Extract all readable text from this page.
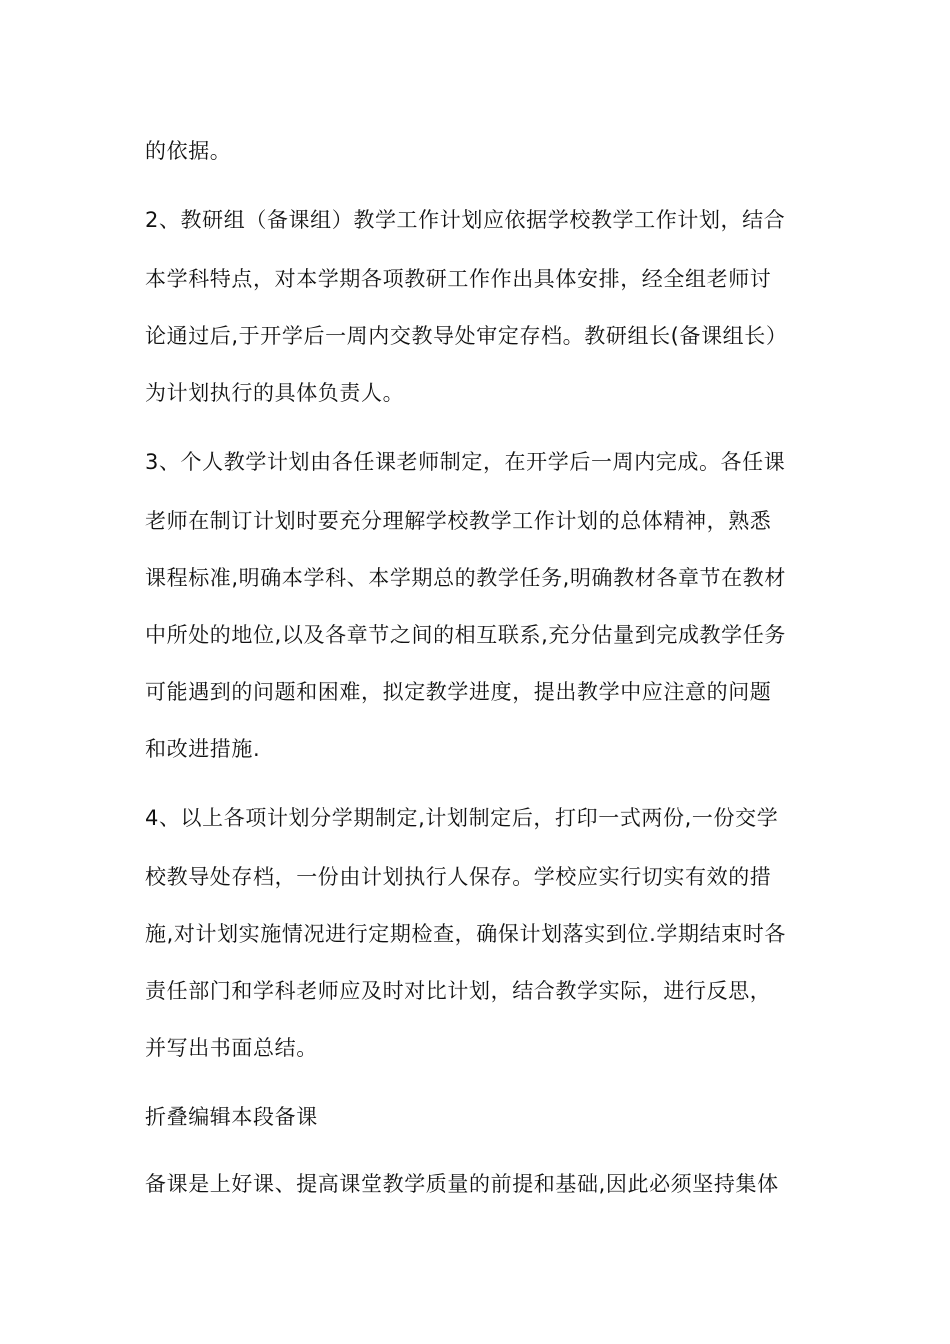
的依据。
2、教研组（备课组）教学工作计划应依据学校教学工作计划，结合
本学科特点，对本学期各项教研工作作出具体安排，经全组老师讨
论通过后,于开学后一周内交教导处审定存档。教研组长(备课组长）
为计划执行的具体负责人。
3、个人教学计划由各任课老师制定，在开学后一周内完成。各任课
老师在制订计划时要充分理解学校教学工作计划的总体精神，熟悉
课程标准,明确本学科、本学期总的教学任务,明确教材各章节在教材
中所处的地位,以及各章节之间的相互联系,充分估量到完成教学任务
可能遇到的问题和困难，拟定教学进度，提出教学中应注意的问题
和改进措施.
4、以上各项计划分学期制定,计划制定后，打印一式两份,一份交学
校教导处存档，一份由计划执行人保存。学校应实行切实有效的措
施,对计划实施情况进行定期检查，确保计划落实到位.学期结束时各
责任部门和学科老师应及时对比计划，结合教学实际，进行反思，
并写出书面总结。
折叠编辑本段备课
备课是上好课、提高课堂教学质量的前提和基础,因此必须坚持集体
